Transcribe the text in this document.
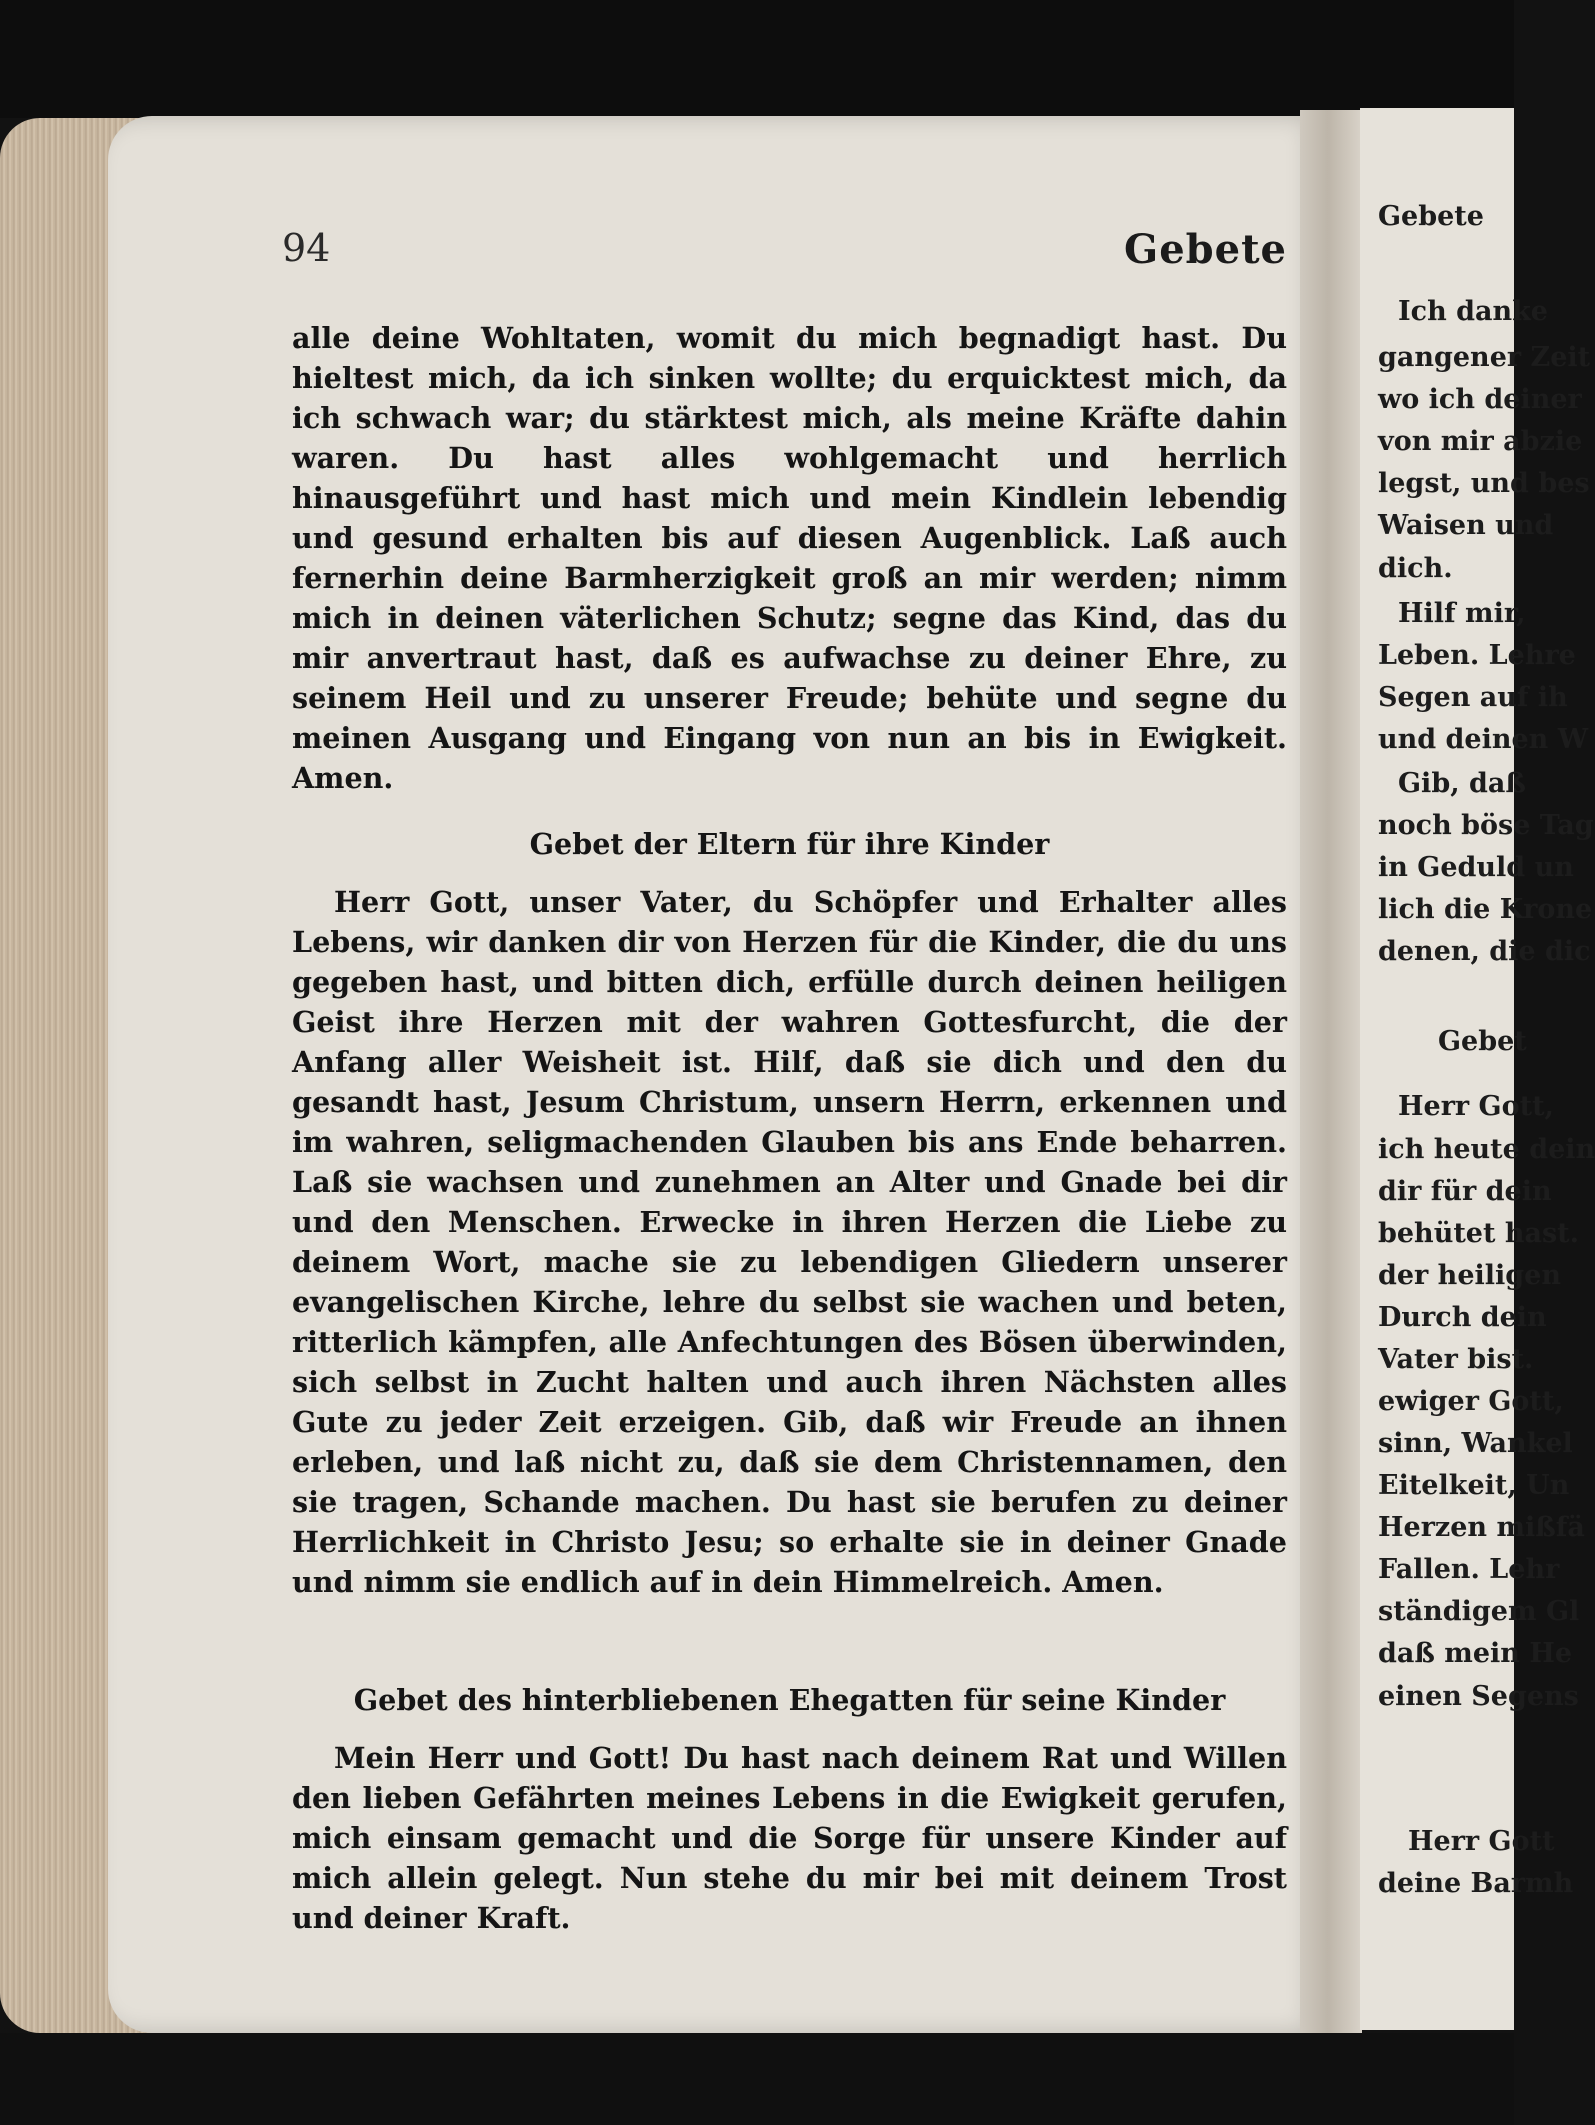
94	Gebete

alle deine Wohltaten, womit du mich begnadigt hast. Du hieltest mich, da ich sinken wollte; du erquicktest mich, da ich schwach war; du stärktest mich, als meine Kräfte dahin waren. Du hast alles wohlgemacht und herrlich hinausgeführt und hast mich und mein Kindlein lebendig und gesund erhalten bis auf diesen Augenblick. Laß auch fernerhin deine Barmherzigkeit groß an mir werden; nimm mich in deinen väterlichen Schutz; segne das Kind, das du mir anvertraut hast, daß es aufwachse zu deiner Ehre, zu seinem Heil und zu unserer Freude; behüte und segne du meinen Ausgang und Eingang von nun an bis in Ewigkeit. Amen.

Gebet der Eltern für ihre Kinder

Herr Gott, unser Vater, du Schöpfer und Erhalter alles Lebens, wir danken dir von Herzen für die Kinder, die du uns gegeben hast, und bitten dich, erfülle durch deinen heiligen Geist ihre Herzen mit der wahren Gottesfurcht, die der Anfang aller Weisheit ist. Hilf, daß sie dich und den du gesandt hast, Jesum Christum, unsern Herrn, erkennen und im wahren, seligmachenden Glauben bis ans Ende beharren. Laß sie wachsen und zunehmen an Alter und Gnade bei dir und den Menschen. Erwecke in ihren Herzen die Liebe zu deinem Wort, mache sie zu lebendigen Gliedern unserer evangelischen Kirche, lehre du selbst sie wachen und beten, ritterlich kämpfen, alle Anfechtungen des Bösen überwinden, sich selbst in Zucht halten und auch ihren Nächsten alles Gute zu jeder Zeit erzeigen. Gib, daß wir Freude an ihnen erleben, und laß nicht zu, daß sie dem Christennamen, den sie tragen, Schande machen. Du hast sie berufen zu deiner Herrlichkeit in Christo Jesu; so erhalte sie in deiner Gnade und nimm sie endlich auf in dein Himmelreich. Amen.

Gebet des hinterbliebenen Ehegatten für seine Kinder

Mein Herr und Gott! Du hast nach deinem Rat und Willen den lieben Gefährten meines Lebens in die Ewigkeit gerufen, mich einsam gemacht und die Sorge für unsere Kinder auf mich allein gelegt. Nun stehe du mir bei mit deinem Trost und deiner Kraft.

Gebete
Ich danke
gangener Zeit
wo ich deiner
von mir abzie
legst, und bes
Waisen und
dich.
Hilf mir,
Leben. Lehre
Segen auf ih
und deinen W
Gib, daß
noch böse Tag
in Geduld un
lich die Krone
denen, die dic
Gebet
Herr Gott,
ich heute dein
dir für dein
behütet hast.
der heiligen
Durch dein
Vater bist.
ewiger Gott,
sinn, Wankel
Eitelkeit, Un
Herzen mißfä
Fallen. Lehr
ständigem Gl
daß mein He
einen Segens
Herr Gott
deine Barmh
